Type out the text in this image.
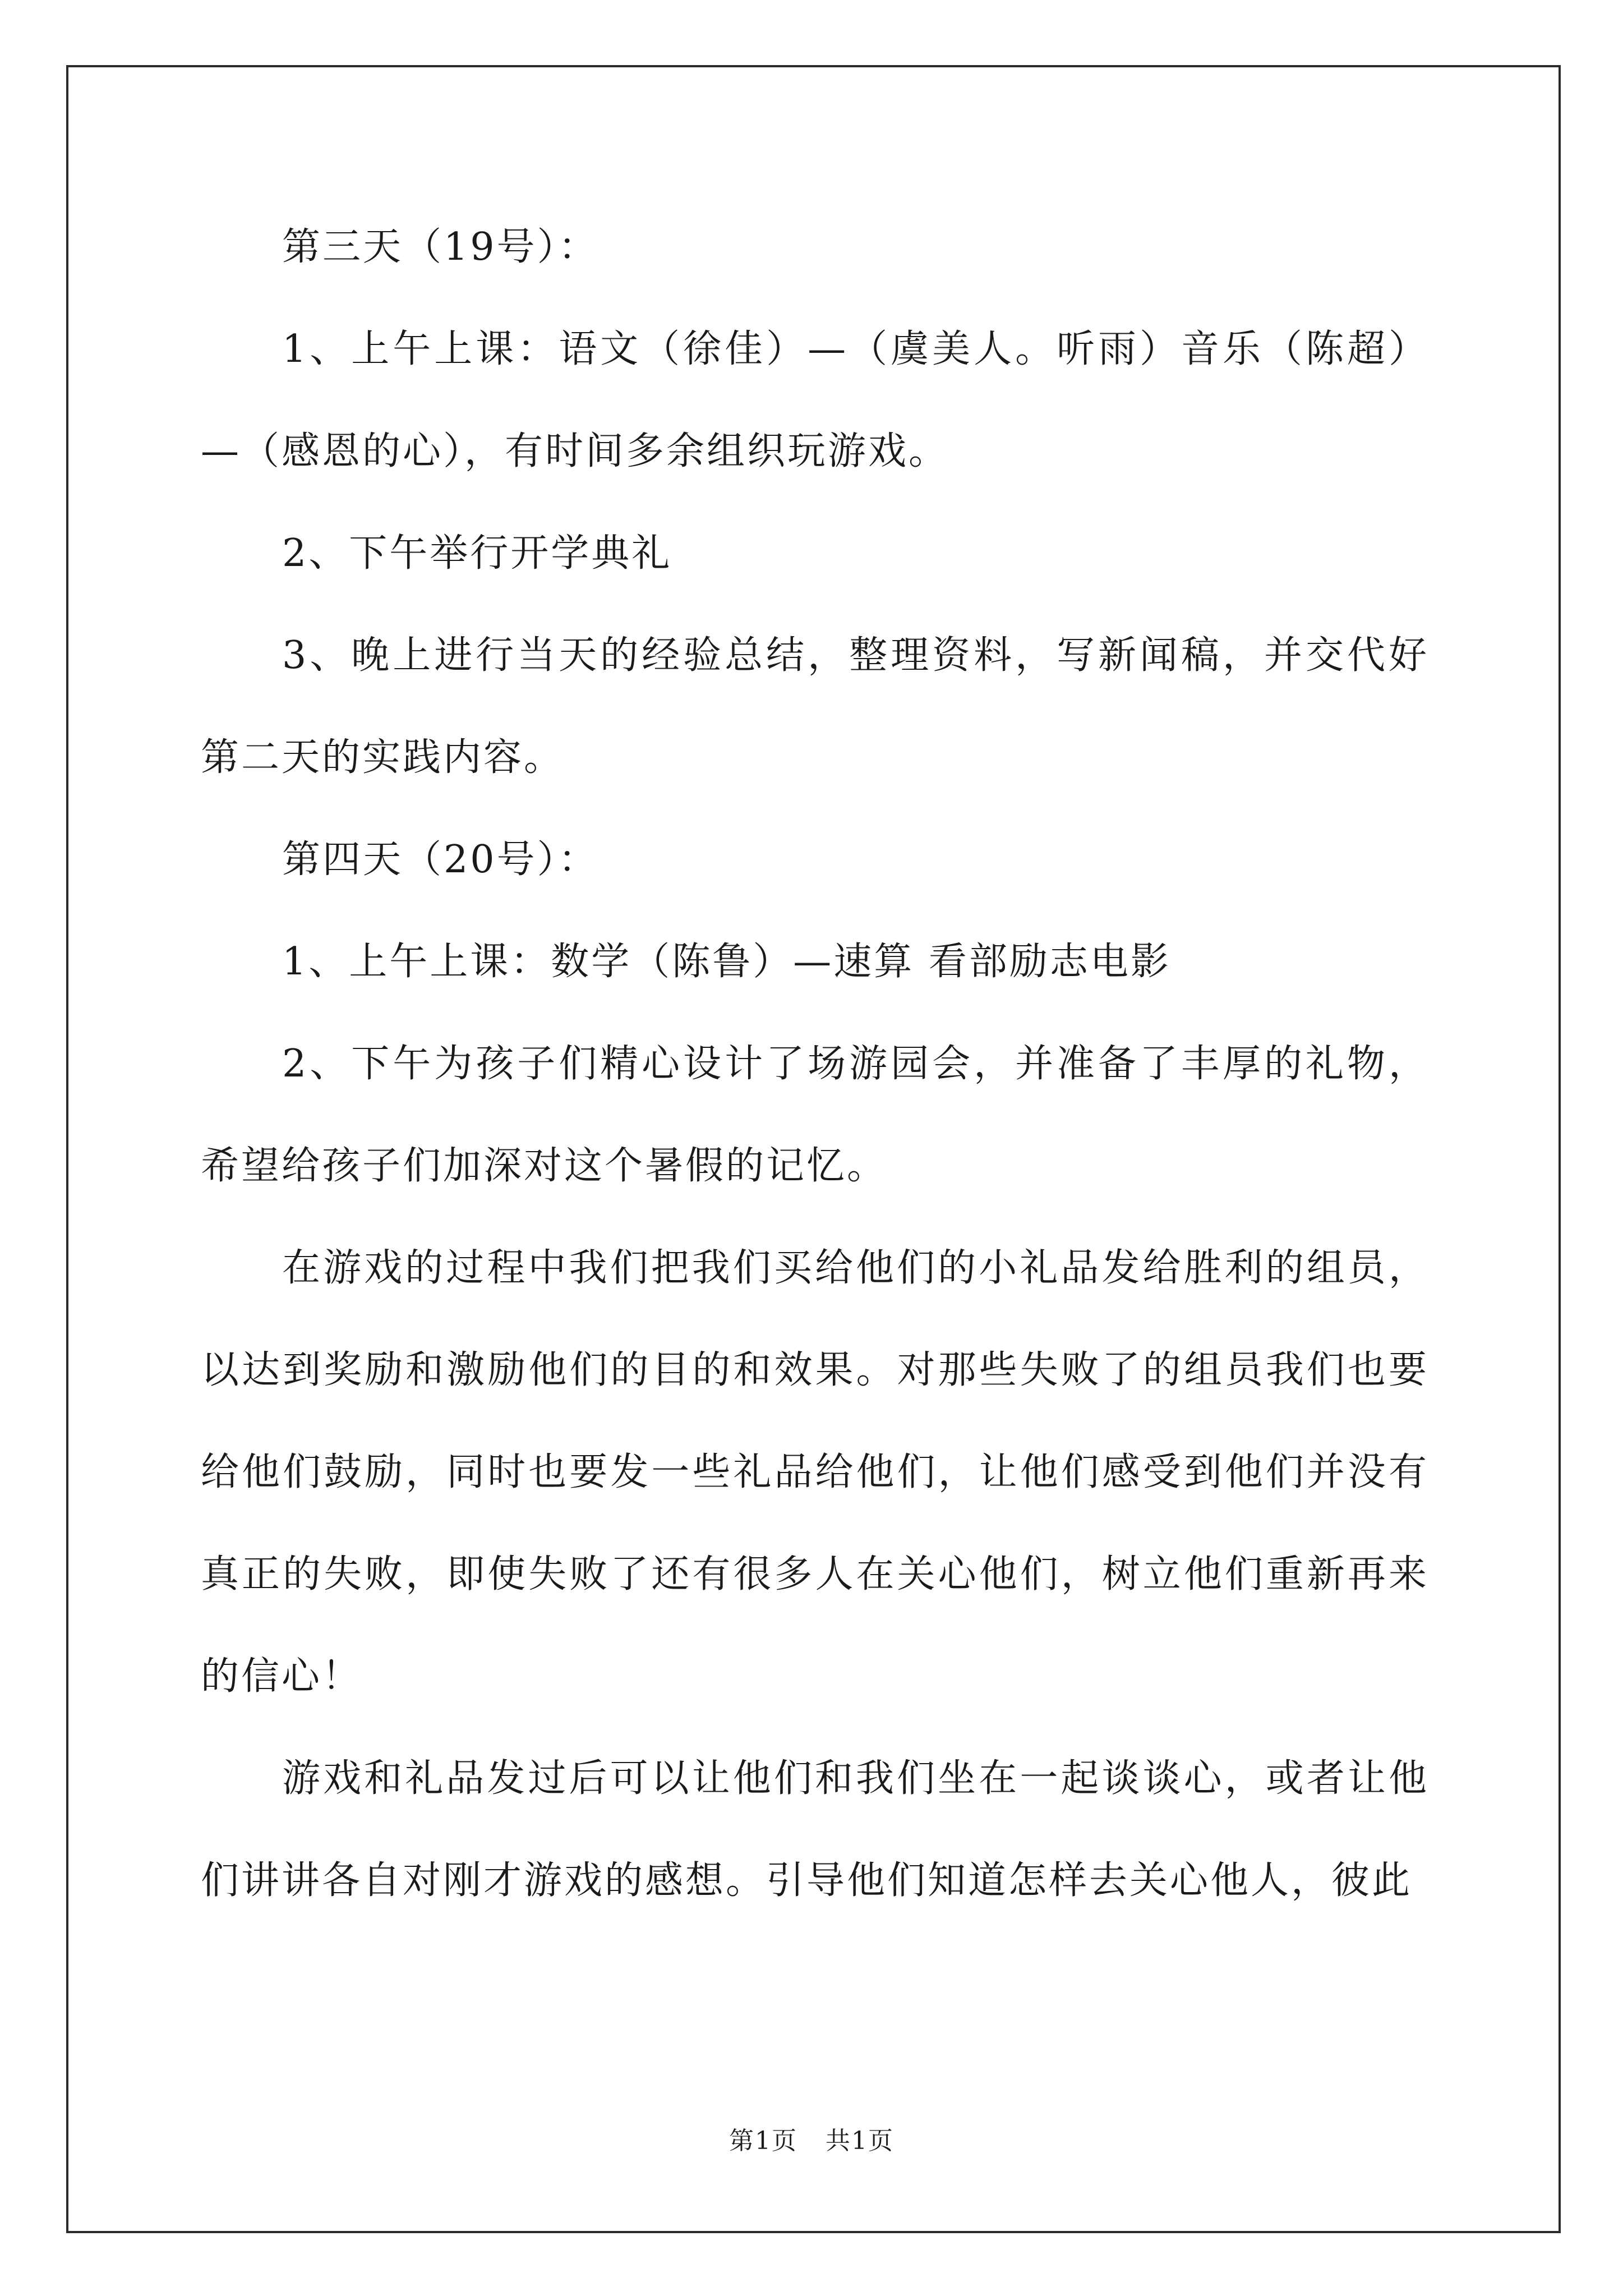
第三天（19号）：

1、上午上课：语文（徐佳）—（虞美人。听雨）音乐（陈超）—（感恩的心），有时间多余组织玩游戏。

2、下午举行开学典礼

3、晚上进行当天的经验总结，整理资料，写新闻稿，并交代好第二天的实践内容。

第四天（20号）：

1、上午上课：数学（陈鲁）—速算 看部励志电影

2、下午为孩子们精心设计了场游园会，并准备了丰厚的礼物，希望给孩子们加深对这个暑假的记忆。

在游戏的过程中我们把我们买给他们的小礼品发给胜利的组员，以达到奖励和激励他们的目的和效果。对那些失败了的组员我们也要给他们鼓励，同时也要发一些礼品给他们，让他们感受到他们并没有真正的失败，即使失败了还有很多人在关心他们，树立他们重新再来的信心！

游戏和礼品发过后可以让他们和我们坐在一起谈谈心，或者让他们讲讲各自对刚才游戏的感想。引导他们知道怎样去关心他人，彼此

第1页 共1页
